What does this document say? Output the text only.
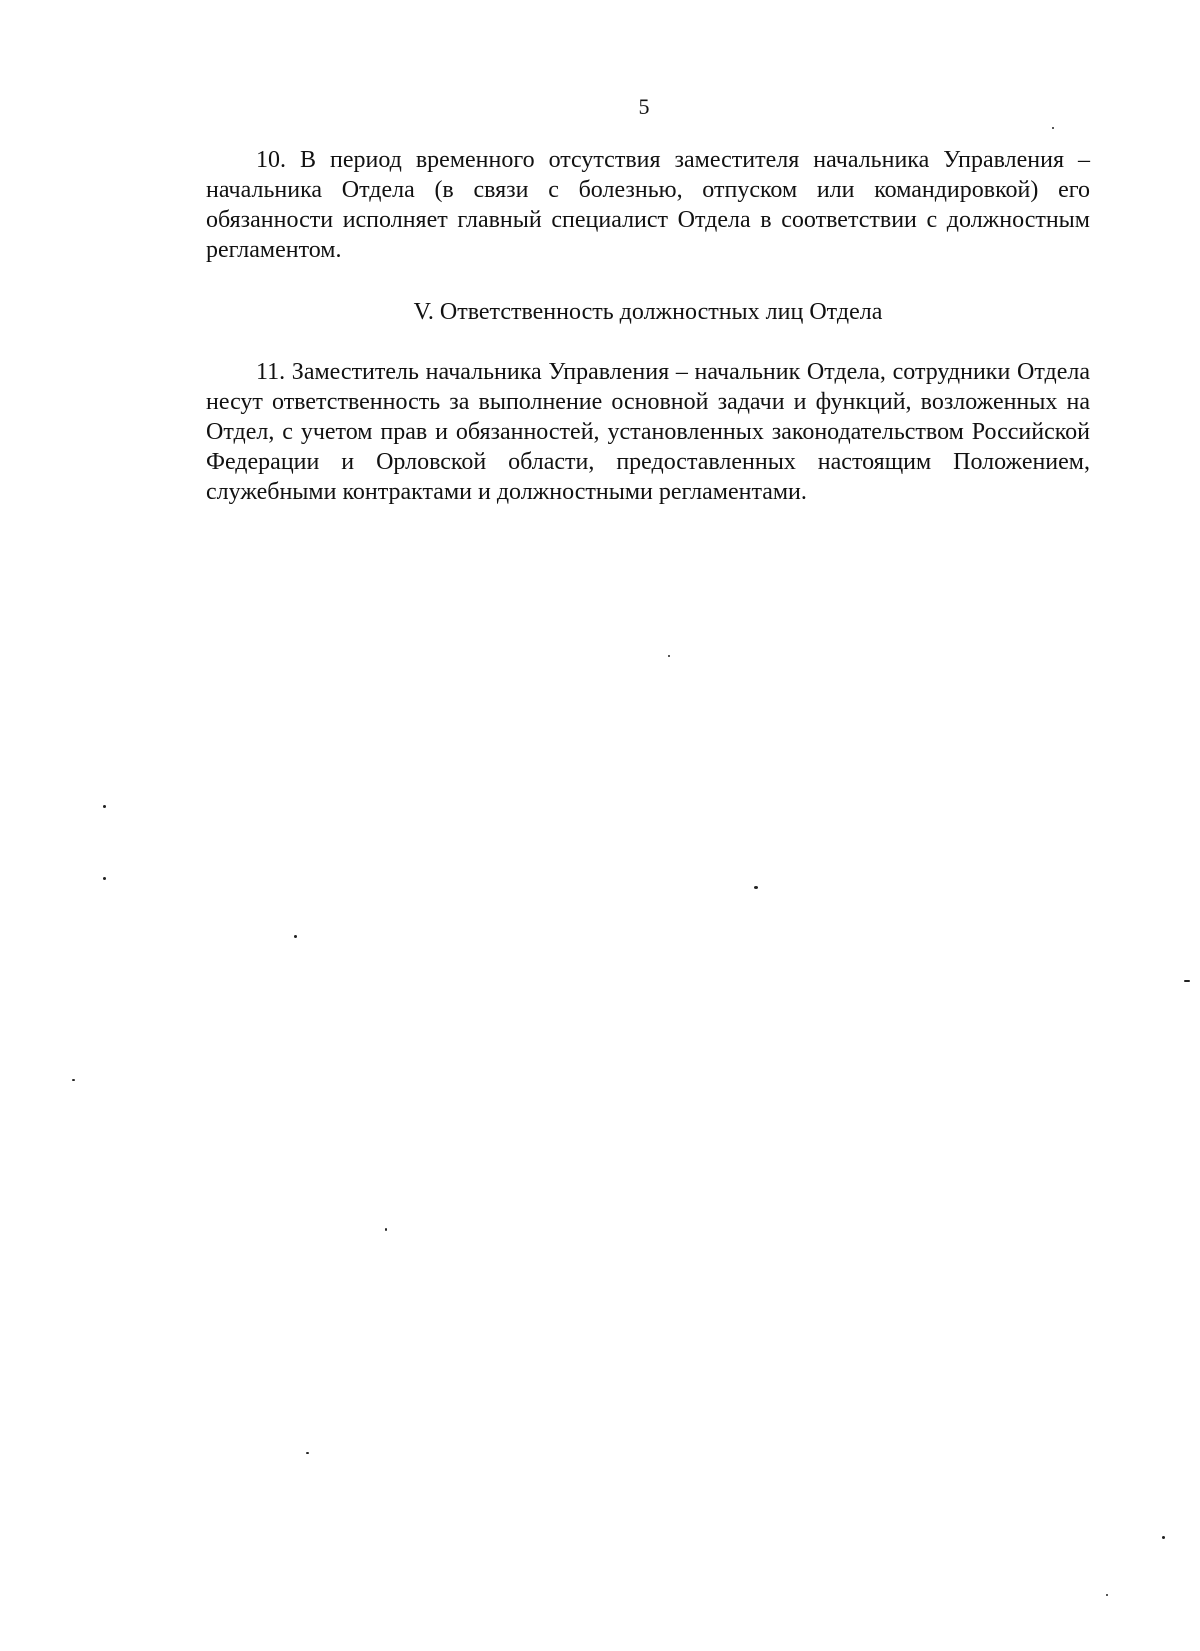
5

10. В период временного отсутствия заместителя начальника Управления – начальника Отдела (в связи с болезнью, отпуском или командировкой) его обязанности исполняет главный специалист Отдела в соответствии с должностным регламентом.

V. Ответственность должностных лиц Отдела

11. Заместитель начальника Управления – начальник Отдела, сотрудники Отдела несут ответственность за выполнение основной задачи и функций, возложенных на Отдел, с учетом прав и обязанностей, установленных законодательством Российской Федерации и Орловской области, предоставленных настоящим Положением, служебными контрактами и должностными регламентами.
